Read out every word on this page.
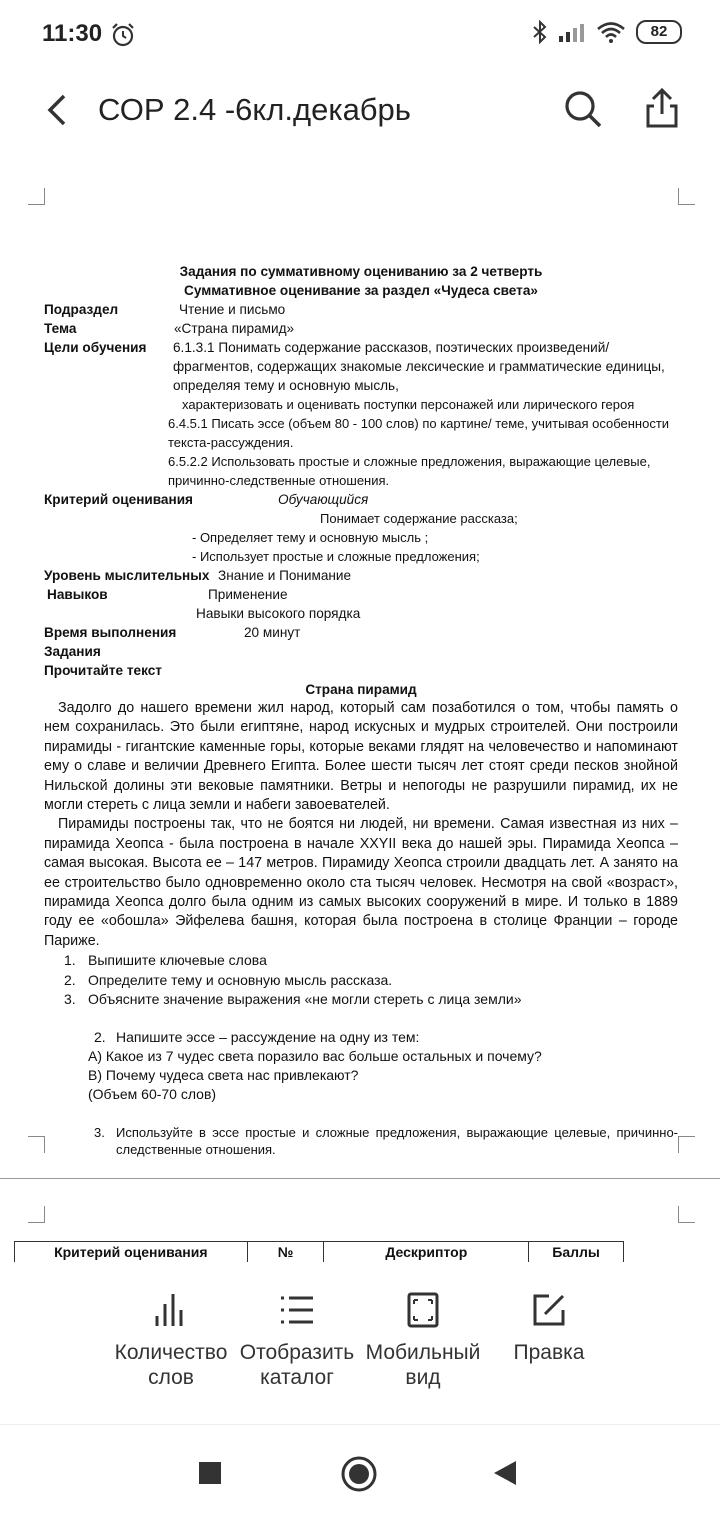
11:30	82
СОР 2.4 -6кл.декабрь
Задания по суммативному оцениванию за 2 четверть
Суммативное оценивание за раздел «Чудеса света»
Подраздел	Чтение и письмо
Тема	«Страна пирамид»
Цели обучения	6.1.3.1 Понимать содержание рассказов, поэтических произведений/фрагментов, содержащих знакомые лексические и грамматические единицы, определяя тему и основную мысль,
характеризовать и оценивать поступки персонажей или лирического героя
6.4.5.1 Писать эссе (объем 80 - 100 слов) по картине/ теме, учитывая особенности текста-рассуждения.
6.5.2.2 Использовать простые и сложные предложения, выражающие целевые, причинно-следственные отношения.
Критерий оценивания	Обучающийся
Понимает содержание рассказа;
- Определяет тему и основную мысль ;
- Использует простые и сложные предложения;
Уровень мыслительных Знание и Понимание
Навыков	Применение
Навыки высокого порядка
Время выполнения	20 минут
Задания
Прочитайте текст
Страна пирамид
Задолго до нашего времени жил народ, который сам позаботился о том, чтобы память о нем сохранилась. Это были египтяне, народ искусных и мудрых строителей. Они построили пирамиды - гигантские каменные горы, которые веками глядят на человечество и напоминают ему о славе и величии Древнего Египта. Более шести тысяч лет стоят среди песков знойной Нильской долины эти вековые памятники. Ветры и непогоды не разрушили пирамид, их не могли стереть с лица земли и набеги завоевателей.
Пирамиды построены так, что не боятся ни людей, ни времени. Самая известная из них – пирамида Хеопса - была построена в начале XXYII века до нашей эры. Пирамида Хеопса – самая высокая. Высота ее – 147 метров. Пирамиду Хеопса строили двадцать лет. А занято на ее строительство было одновременно около ста тысяч человек. Несмотря на свой «возраст», пирамида Хеопса долго была одним из самых высоких сооружений в мире. И только в 1889 году ее «обошла» Эйфелева башня, которая была построена в столице Франции – городе Париже.
1. Выпишите ключевые слова
2. Определите тему и основную мысль рассказа.
3. Объясните значение выражения «не могли стереть с лица земли»
2. Напишите эссе – рассуждение на одну из тем:
А) Какое из 7 чудес света поразило вас больше остальных и почему?
В) Почему чудеса света нас привлекают?
(Объем 60-70 слов)
3. Используйте в эссе простые и сложные предложения, выражающие целевые, причинно-следственные отношения.
Критерий оценивания	№	Дескриптор	Баллы
Количество
слов
Отобразить
каталог
Мобильный
вид
Правка
